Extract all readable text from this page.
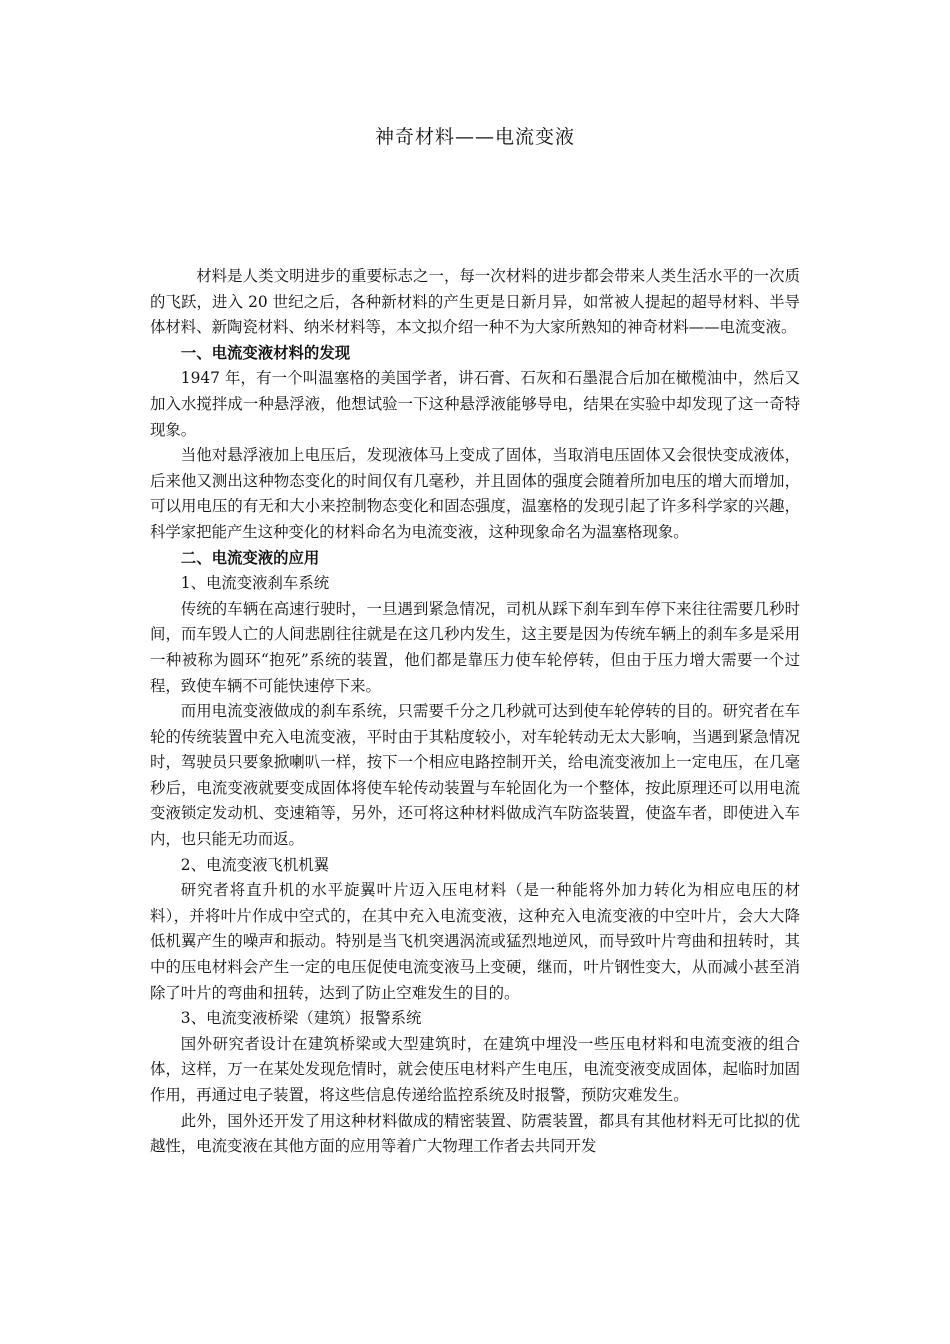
神奇材料——电流变液

材料是人类文明进步的重要标志之一，每一次材料的进步都会带来人类生活水平的一次质的飞跃，进入 20 世纪之后，各种新材料的产生更是日新月异，如常被人提起的超导材料、半导体材料、新陶瓷材料、纳米材料等，本文拟介绍一种不为大家所熟知的神奇材料——电流变液。

一、电流变液材料的发现

1947 年，有一个叫温塞格的美国学者，讲石膏、石灰和石墨混合后加在橄榄油中，然后又加入水搅拌成一种悬浮液，他想试验一下这种悬浮液能够导电，结果在实验中却发现了这一奇特现象。

当他对悬浮液加上电压后，发现液体马上变成了固体，当取消电压固体又会很快变成液体，后来他又测出这种物态变化的时间仅有几毫秒，并且固体的强度会随着所加电压的增大而增加，可以用电压的有无和大小来控制物态变化和固态强度，温塞格的发现引起了许多科学家的兴趣，科学家把能产生这种变化的材料命名为电流变液，这种现象命名为温塞格现象。

二、电流变液的应用
1、电流变液刹车系统

传统的车辆在高速行驶时，一旦遇到紧急情况，司机从踩下刹车到车停下来往往需要几秒时间，而车毁人亡的人间悲剧往往就是在这几秒内发生，这主要是因为传统车辆上的刹车多是采用一种被称为圆环“抱死”系统的装置，他们都是靠压力使车轮停转，但由于压力增大需要一个过程，致使车辆不可能快速停下来。

而用电流变液做成的刹车系统，只需要千分之几秒就可达到使车轮停转的目的。研究者在车轮的传统装置中充入电流变液，平时由于其粘度较小，对车轮转动无太大影响，当遇到紧急情况时，驾驶员只要象掀喇叭一样，按下一个相应电路控制开关，给电流变液加上一定电压，在几毫秒后，电流变液就要变成固体将使车轮传动装置与车轮固化为一个整体，按此原理还可以用电流变液锁定发动机、变速箱等，另外，还可将这种材料做成汽车防盗装置，使盗车者，即使进入车内，也只能无功而返。

2、电流变液飞机机翼

研究者将直升机的水平旋翼叶片迈入压电材料（是一种能将外加力转化为相应电压的材料），并将叶片作成中空式的，在其中充入电流变液，这种充入电流变液的中空叶片，会大大降低机翼产生的噪声和振动。特别是当飞机突遇涡流或猛烈地逆风，而导致叶片弯曲和扭转时，其中的压电材料会产生一定的电压促使电流变液马上变硬，继而，叶片钢性变大，从而减小甚至消除了叶片的弯曲和扭转，达到了防止空难发生的目的。

3、电流变液桥梁（建筑）报警系统

国外研究者设计在建筑桥梁或大型建筑时，在建筑中埋没一些压电材料和电流变液的组合体，这样，万一在某处发现危情时，就会使压电材料产生电压，电流变液变成固体，起临时加固作用，再通过电子装置，将这些信息传递给监控系统及时报警，预防灾难发生。

此外，国外还开发了用这种材料做成的精密装置、防震装置，都具有其他材料无可比拟的优越性，电流变液在其他方面的应用等着广大物理工作者去共同开发
